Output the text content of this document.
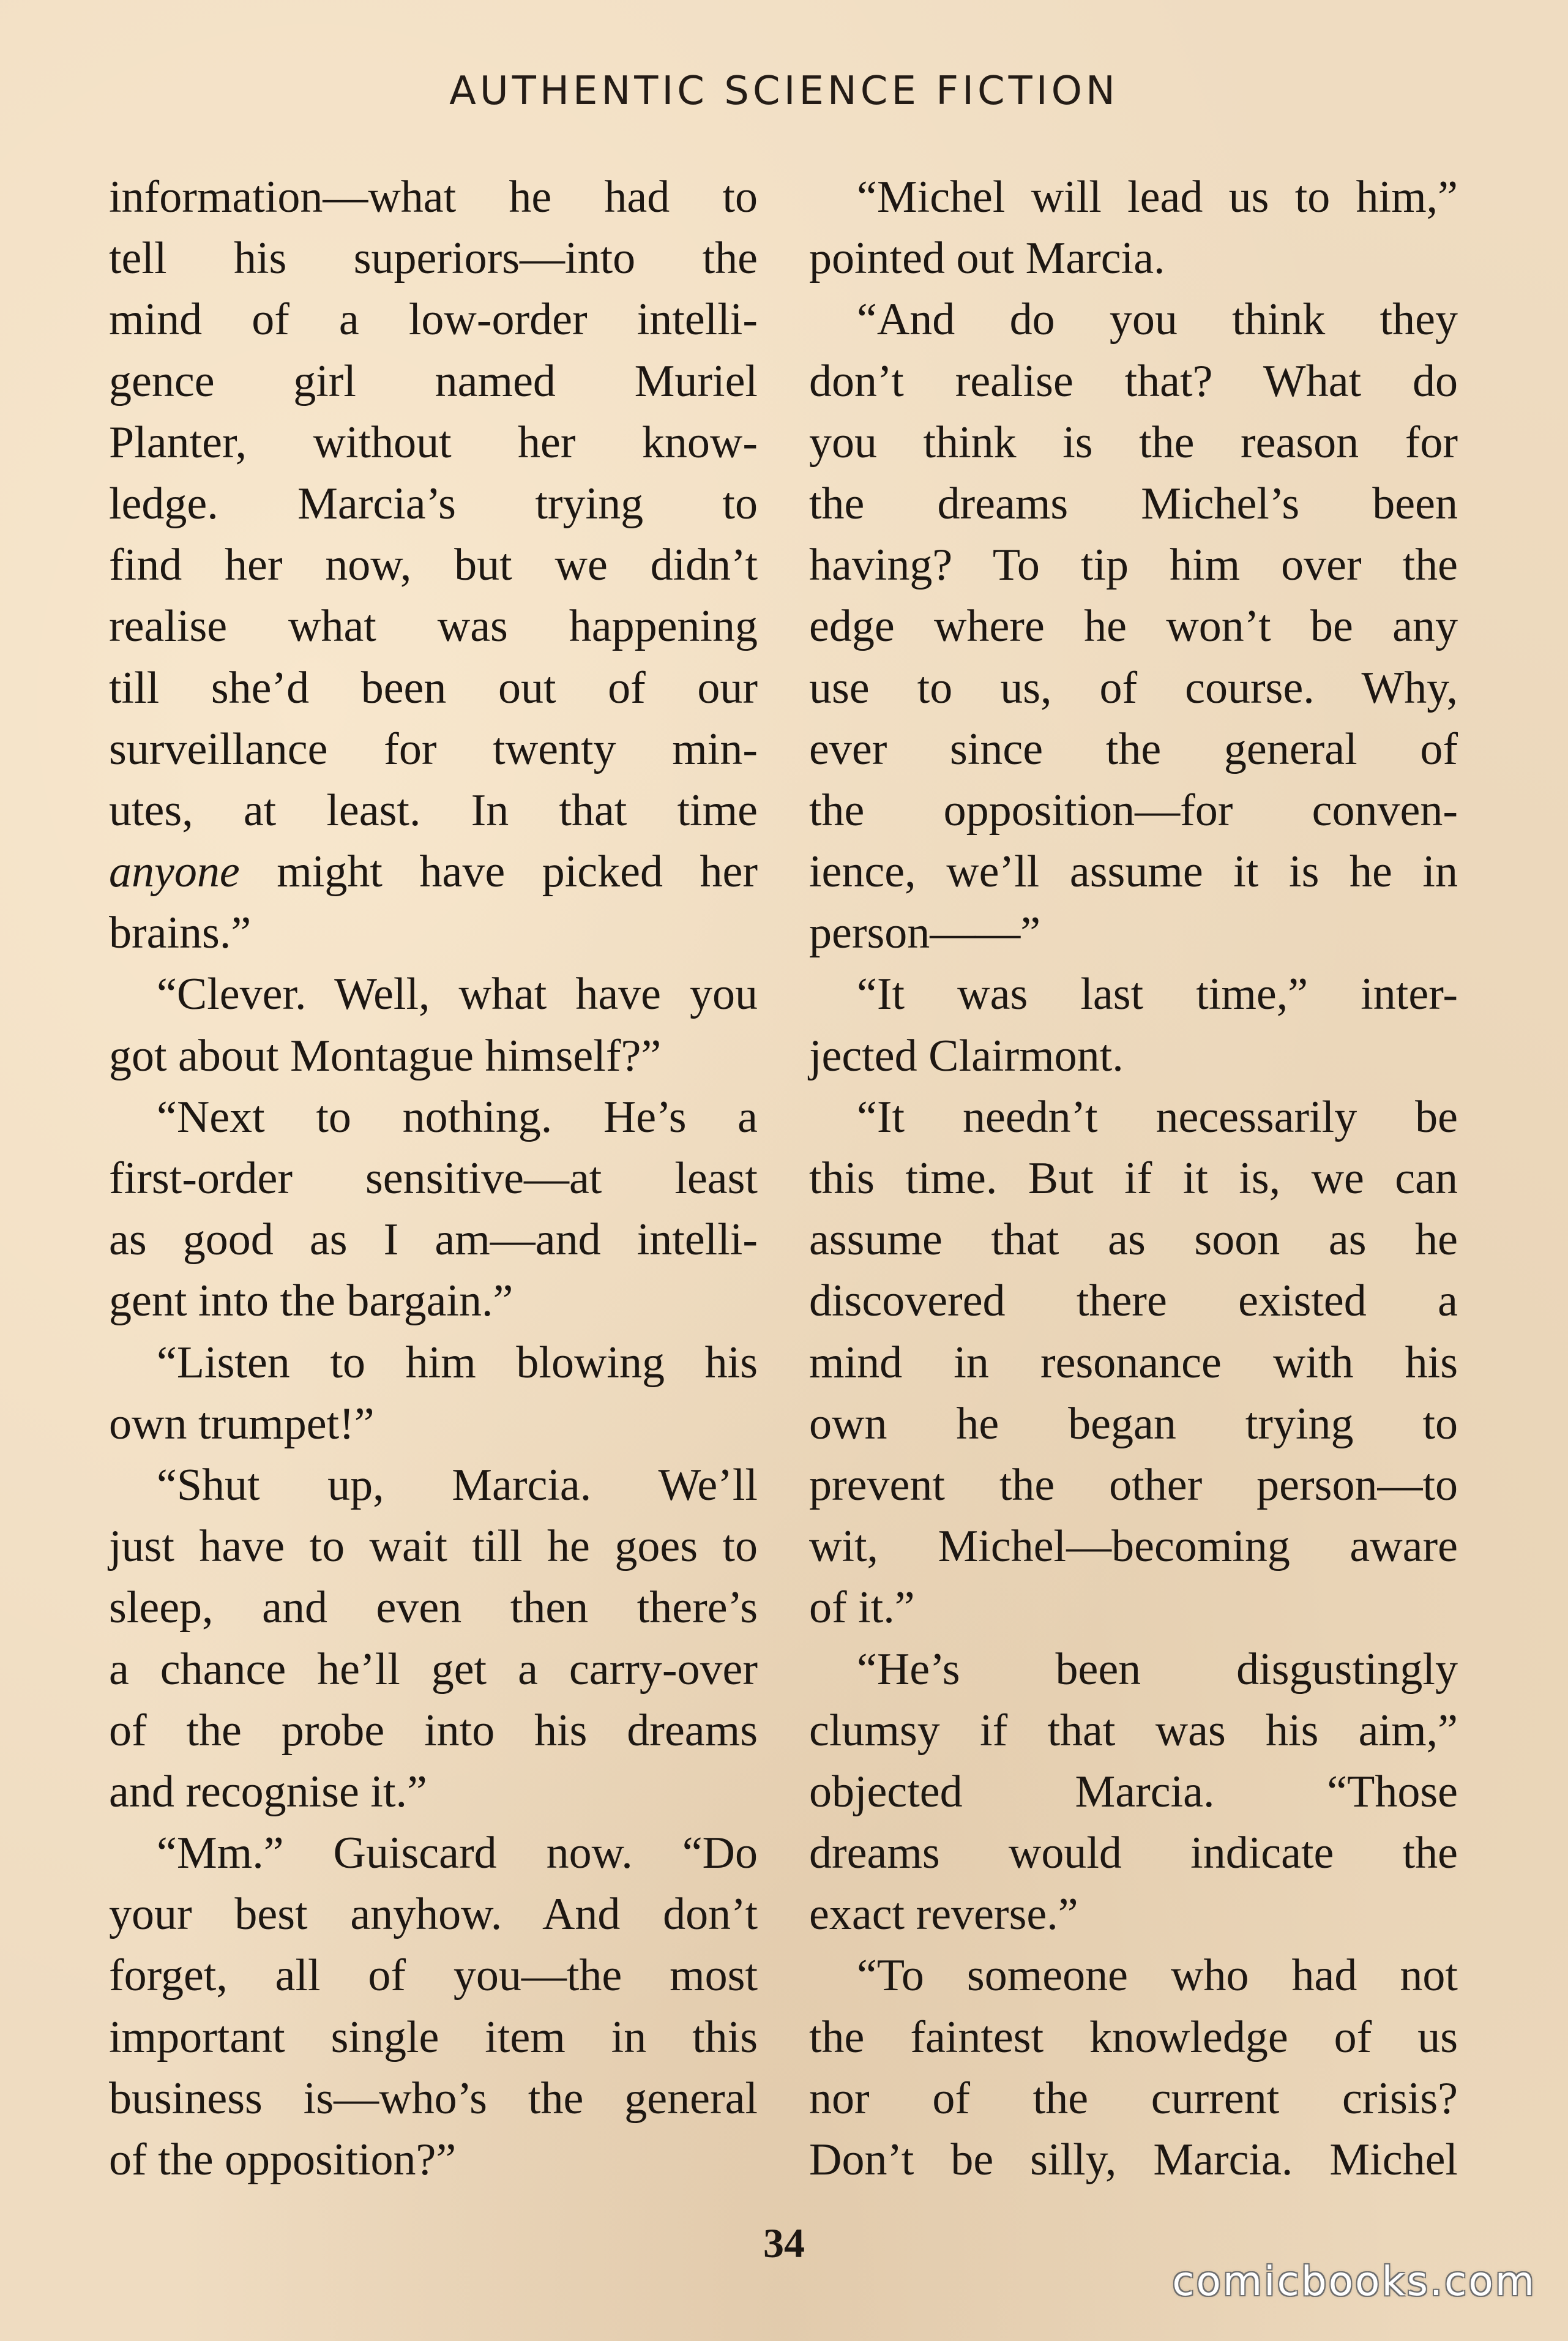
AUTHENTIC SCIENCE FICTION
information—what he had to
tell his superiors—into the
mind of a low-order intelli-
gence girl named Muriel
Planter, without her know-
ledge. Marcia’s trying to
find her now, but we didn’t
realise what was happening
till she’d been out of our
surveillance for twenty min-
utes, at least. In that time
anyone might have picked her
brains.”
“Clever. Well, what have you
got about Montague himself?”
“Next to nothing. He’s a
first-order sensitive—at least
as good as I am—and intelli-
gent into the bargain.”
“Listen to him blowing his
own trumpet!”
“Shut up, Marcia. We’ll
just have to wait till he goes to
sleep, and even then there’s
a chance he’ll get a carry-over
of the probe into his dreams
and recognise it.”
“Mm.” Guiscard now. “Do
your best anyhow. And don’t
forget, all of you—the most
important single item in this
business is—who’s the general
of the opposition?”
“Michel will lead us to him,”
pointed out Marcia.
“And do you think they
don’t realise that? What do
you think is the reason for
the dreams Michel’s been
having? To tip him over the
edge where he won’t be any
use to us, of course. Why,
ever since the general of
the opposition—for conven-
ience, we’ll assume it is he in
person——”
“It was last time,” inter-
jected Clairmont.
“It needn’t necessarily be
this time. But if it is, we can
assume that as soon as he
discovered there existed a
mind in resonance with his
own he began trying to
prevent the other person—to
wit, Michel—becoming aware
of it.”
“He’s been disgustingly
clumsy if that was his aim,”
objected Marcia. “Those
dreams would indicate the
exact reverse.”
“To someone who had not
the faintest knowledge of us
nor of the current crisis?
Don’t be silly, Marcia. Michel
34
comicbooks.com
